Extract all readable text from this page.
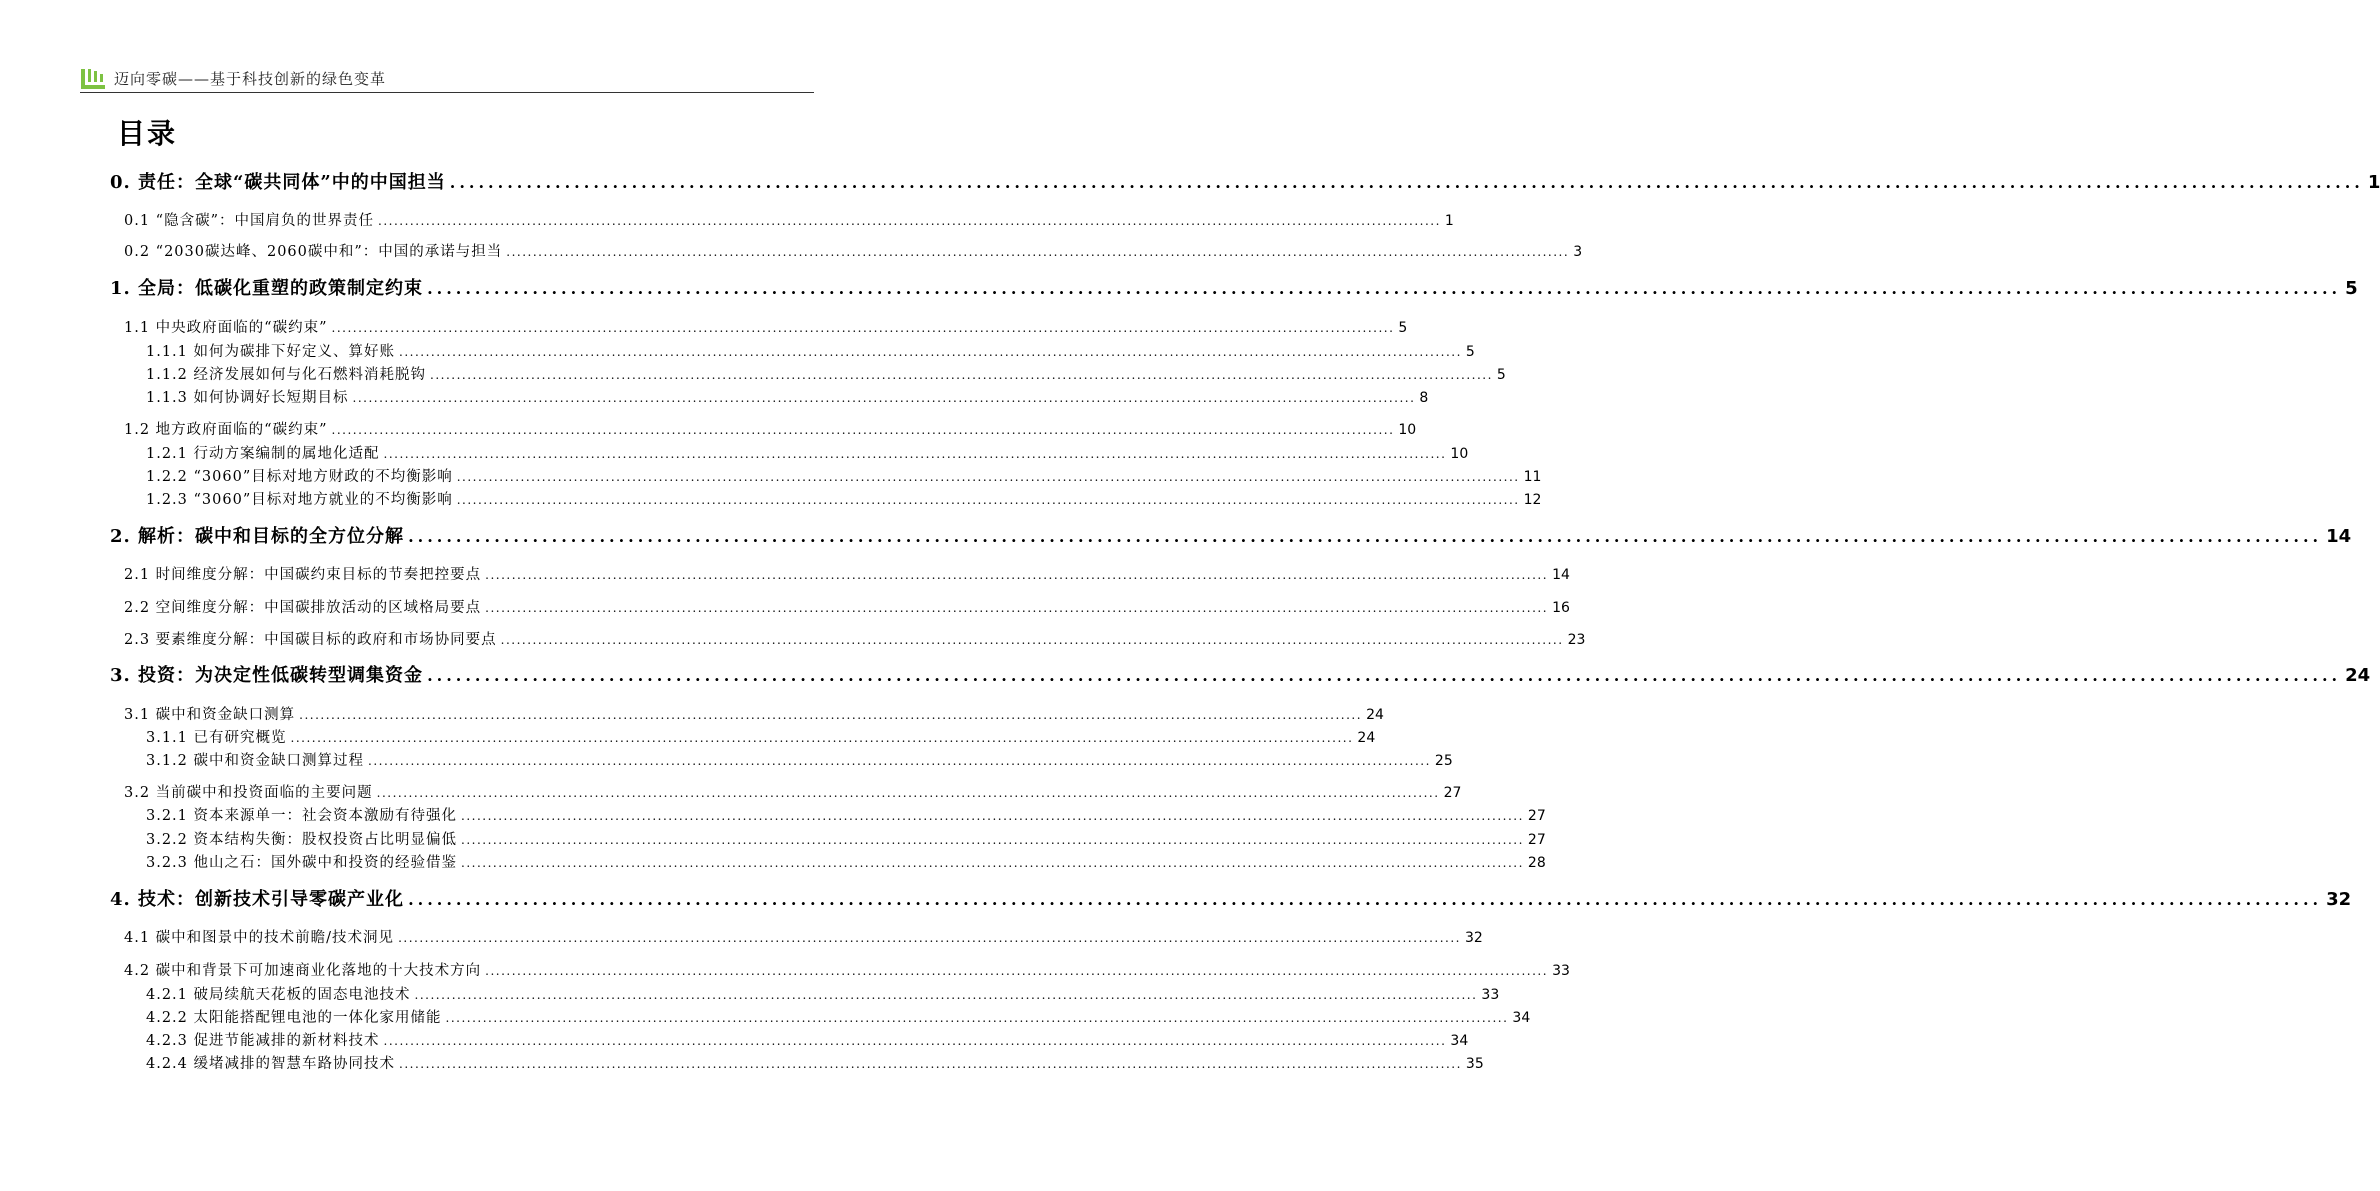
迈向零碳——基于科技创新的绿色变革
目录
0. 责任：全球“碳共同体”中的中国担当 ........................................................................................................................................................................................................ 1
0.1 “隐含碳”：中国肩负的世界责任 ........................................................................................................................................................................................................ 1
0.2 “2030碳达峰、2060碳中和”：中国的承诺与担当 ........................................................................................................................................................................................................ 3
1. 全局：低碳化重塑的政策制定约束 ........................................................................................................................................................................................................ 5
1.1 中央政府面临的“碳约束” ........................................................................................................................................................................................................ 5
1.1.1 如何为碳排下好定义、算好账 ........................................................................................................................................................................................................ 5
1.1.2 经济发展如何与化石燃料消耗脱钩 ........................................................................................................................................................................................................ 5
1.1.3 如何协调好长短期目标 ........................................................................................................................................................................................................ 8
1.2 地方政府面临的“碳约束” ........................................................................................................................................................................................................ 10
1.2.1 行动方案编制的属地化适配 ........................................................................................................................................................................................................ 10
1.2.2 “3060”目标对地方财政的不均衡影响 ........................................................................................................................................................................................................ 11
1.2.3 “3060”目标对地方就业的不均衡影响 ........................................................................................................................................................................................................ 12
2. 解析：碳中和目标的全方位分解 ........................................................................................................................................................................................................ 14
2.1 时间维度分解：中国碳约束目标的节奏把控要点 ........................................................................................................................................................................................................ 14
2.2 空间维度分解：中国碳排放活动的区域格局要点 ........................................................................................................................................................................................................ 16
2.3 要素维度分解：中国碳目标的政府和市场协同要点 ........................................................................................................................................................................................................ 23
3. 投资：为决定性低碳转型调集资金 ........................................................................................................................................................................................................ 24
3.1 碳中和资金缺口测算 ........................................................................................................................................................................................................ 24
3.1.1 已有研究概览 ........................................................................................................................................................................................................ 24
3.1.2 碳中和资金缺口测算过程 ........................................................................................................................................................................................................ 25
3.2 当前碳中和投资面临的主要问题 ........................................................................................................................................................................................................ 27
3.2.1 资本来源单一：社会资本激励有待强化 ........................................................................................................................................................................................................ 27
3.2.2 资本结构失衡：股权投资占比明显偏低 ........................................................................................................................................................................................................ 27
3.2.3 他山之石：国外碳中和投资的经验借鉴 ........................................................................................................................................................................................................ 28
4. 技术：创新技术引导零碳产业化 ........................................................................................................................................................................................................ 32
4.1 碳中和图景中的技术前瞻/技术洞见 ........................................................................................................................................................................................................ 32
4.2 碳中和背景下可加速商业化落地的十大技术方向 ........................................................................................................................................................................................................ 33
4.2.1 破局续航天花板的固态电池技术 ........................................................................................................................................................................................................ 33
4.2.2 太阳能搭配锂电池的一体化家用储能 ........................................................................................................................................................................................................ 34
4.2.3 促进节能减排的新材料技术 ........................................................................................................................................................................................................ 34
4.2.4 缓堵减排的智慧车路协同技术 ........................................................................................................................................................................................................ 35
